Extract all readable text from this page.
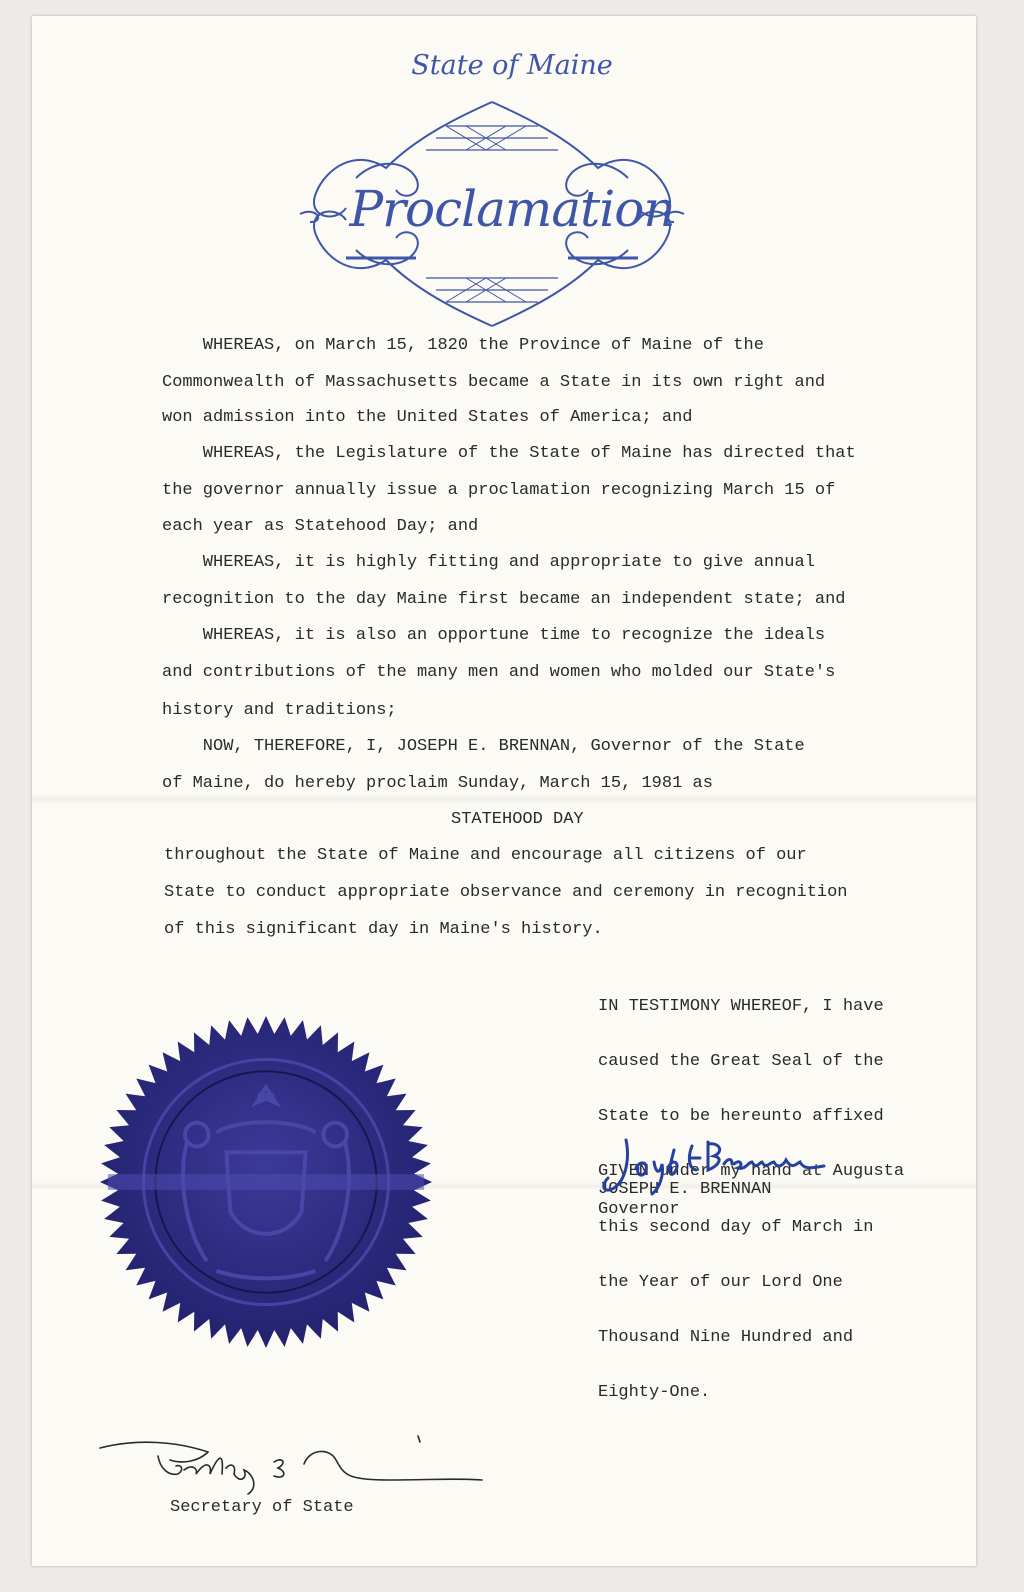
State of Maine
Proclamation
WHEREAS, on March 15, 1820 the Province of Maine of the
Commonwealth of Massachusetts became a State in its own right and
won admission into the United States of America; and
WHEREAS, the Legislature of the State of Maine has directed that
the governor annually issue a proclamation recognizing March 15 of
each year as Statehood Day; and
WHEREAS, it is highly fitting and appropriate to give annual
recognition to the day Maine first became an independent state; and
WHEREAS, it is also an opportune time to recognize the ideals
and contributions of the many men and women who molded our State's
history and traditions;
NOW, THEREFORE, I, JOSEPH E. BRENNAN, Governor of the State
of Maine, do hereby proclaim Sunday, March 15, 1981 as
STATEHOOD DAY
throughout the State of Maine and encourage all citizens of our
State to conduct appropriate observance and ceremony in recognition
of this significant day in Maine's history.

IN TESTIMONY WHEREOF, I have

caused the Great Seal of the

State to be hereunto affixed

GIVEN under my hand at Augusta

this second day of March in

the Year of our Lord One

Thousand Nine Hundred and

Eighty-One.

JOSEPH E. BRENNAN
Governor
Secretary of State
